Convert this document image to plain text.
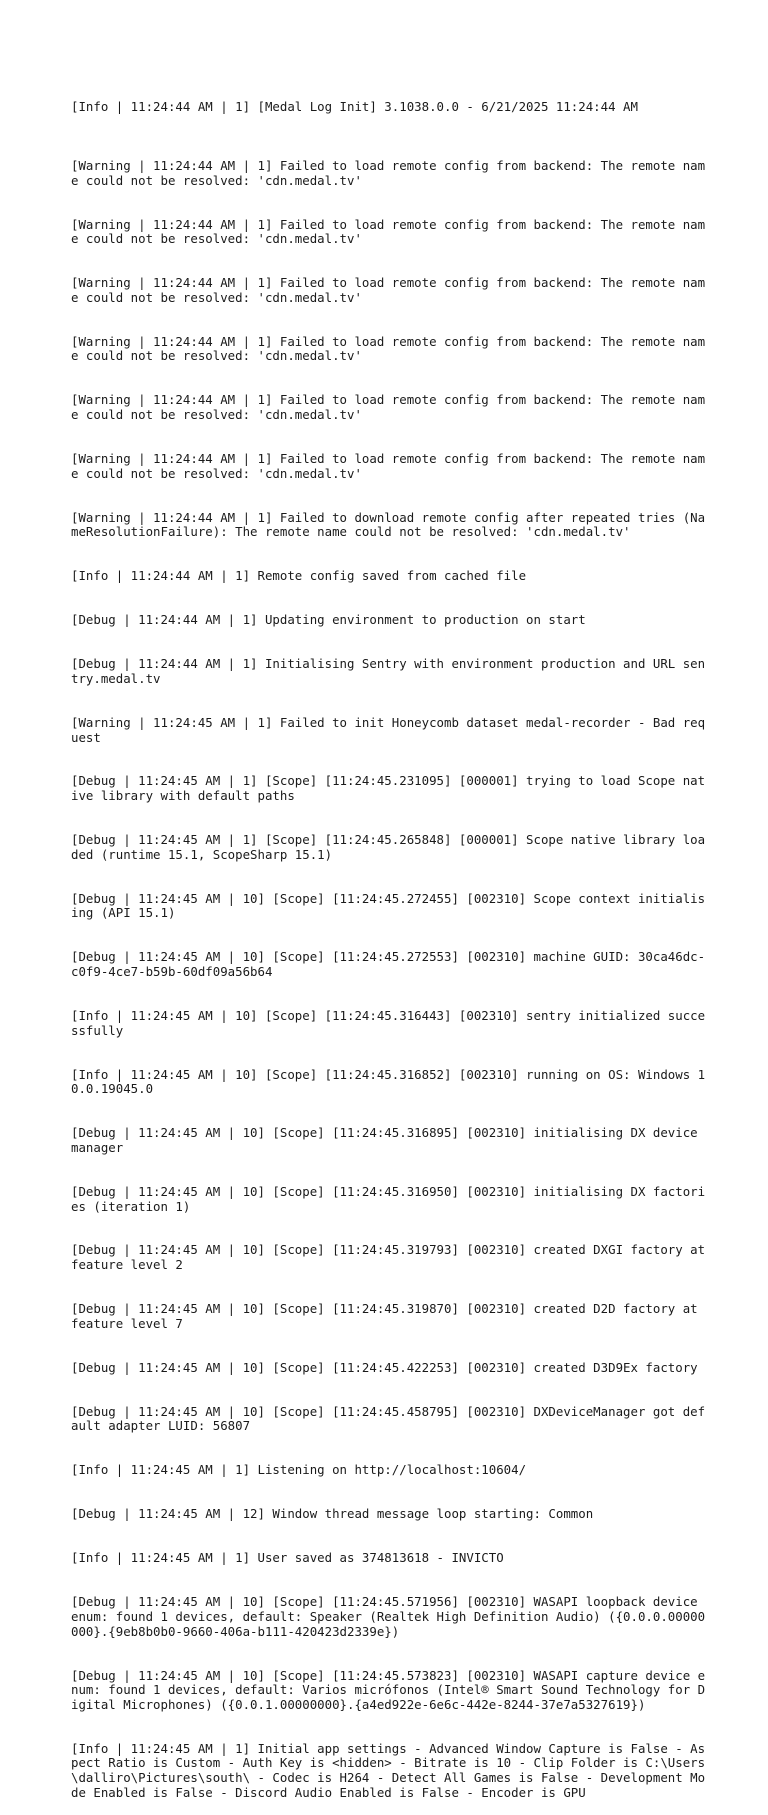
[Info | 11:24:44 AM | 1] [Medal Log Init] 3.1038.0.0 - 6/21/2025 11:24:44 AM

[Warning | 11:24:44 AM | 1] Failed to load remote config from backend: The remote name could not be resolved: 'cdn.medal.tv'

[Warning | 11:24:44 AM | 1] Failed to load remote config from backend: The remote name could not be resolved: 'cdn.medal.tv'

[Warning | 11:24:44 AM | 1] Failed to load remote config from backend: The remote name could not be resolved: 'cdn.medal.tv'

[Warning | 11:24:44 AM | 1] Failed to load remote config from backend: The remote name could not be resolved: 'cdn.medal.tv'

[Warning | 11:24:44 AM | 1] Failed to load remote config from backend: The remote name could not be resolved: 'cdn.medal.tv'

[Warning | 11:24:44 AM | 1] Failed to load remote config from backend: The remote name could not be resolved: 'cdn.medal.tv'

[Warning | 11:24:44 AM | 1] Failed to download remote config after repeated tries (NameResolutionFailure): The remote name could not be resolved: 'cdn.medal.tv'

[Info | 11:24:44 AM | 1] Remote config saved from cached file

[Debug | 11:24:44 AM | 1] Updating environment to production on start

[Debug | 11:24:44 AM | 1] Initialising Sentry with environment production and URL sentry.medal.tv

[Warning | 11:24:45 AM | 1] Failed to init Honeycomb dataset medal-recorder - Bad request

[Debug | 11:24:45 AM | 1] [Scope] [11:24:45.231095] [000001] trying to load Scope native library with default paths

[Debug | 11:24:45 AM | 1] [Scope] [11:24:45.265848] [000001] Scope native library loaded (runtime 15.1, ScopeSharp 15.1)

[Debug | 11:24:45 AM | 10] [Scope] [11:24:45.272455] [002310] Scope context initialising (API 15.1)

[Debug | 11:24:45 AM | 10] [Scope] [11:24:45.272553] [002310] machine GUID: 30ca46dc-c0f9-4ce7-b59b-60df09a56b64

[Info | 11:24:45 AM | 10] [Scope] [11:24:45.316443] [002310] sentry initialized successfully

[Info | 11:24:45 AM | 10] [Scope] [11:24:45.316852] [002310] running on OS: Windows 10.0.19045.0

[Debug | 11:24:45 AM | 10] [Scope] [11:24:45.316895] [002310] initialising DX device manager

[Debug | 11:24:45 AM | 10] [Scope] [11:24:45.316950] [002310] initialising DX factories (iteration 1)

[Debug | 11:24:45 AM | 10] [Scope] [11:24:45.319793] [002310] created DXGI factory at feature level 2

[Debug | 11:24:45 AM | 10] [Scope] [11:24:45.319870] [002310] created D2D factory at feature level 7

[Debug | 11:24:45 AM | 10] [Scope] [11:24:45.422253] [002310] created D3D9Ex factory

[Debug | 11:24:45 AM | 10] [Scope] [11:24:45.458795] [002310] DXDeviceManager got default adapter LUID: 56807

[Info | 11:24:45 AM | 1] Listening on http://localhost:10604/

[Debug | 11:24:45 AM | 12] Window thread message loop starting: Common

[Info | 11:24:45 AM | 1] User saved as 374813618 - INVICTO

[Debug | 11:24:45 AM | 10] [Scope] [11:24:45.571956] [002310] WASAPI loopback device enum: found 1 devices, default: Speaker (Realtek High Definition Audio) ({0.0.0.00000000}.{9eb8b0b0-9660-406a-b111-420423d2339e})

[Debug | 11:24:45 AM | 10] [Scope] [11:24:45.573823] [002310] WASAPI capture device enum: found 1 devices, default: Varios micrófonos (Intel® Smart Sound Technology for Digital Microphones) ({0.0.1.00000000}.{a4ed922e-6e6c-442e-8244-37e7a5327619})

[Info | 11:24:45 AM | 1] Initial app settings - Advanced Window Capture is False - Aspect Ratio is Custom - Auth Key is <hidden> - Bitrate is 10 - Clip Folder is C:\Users\dalliro\Pictures\south\ - Codec is H264 - Detect All Games is False - Development Mode Enabled is False - Discord Audio Enabled is False - Encoder is GPU
